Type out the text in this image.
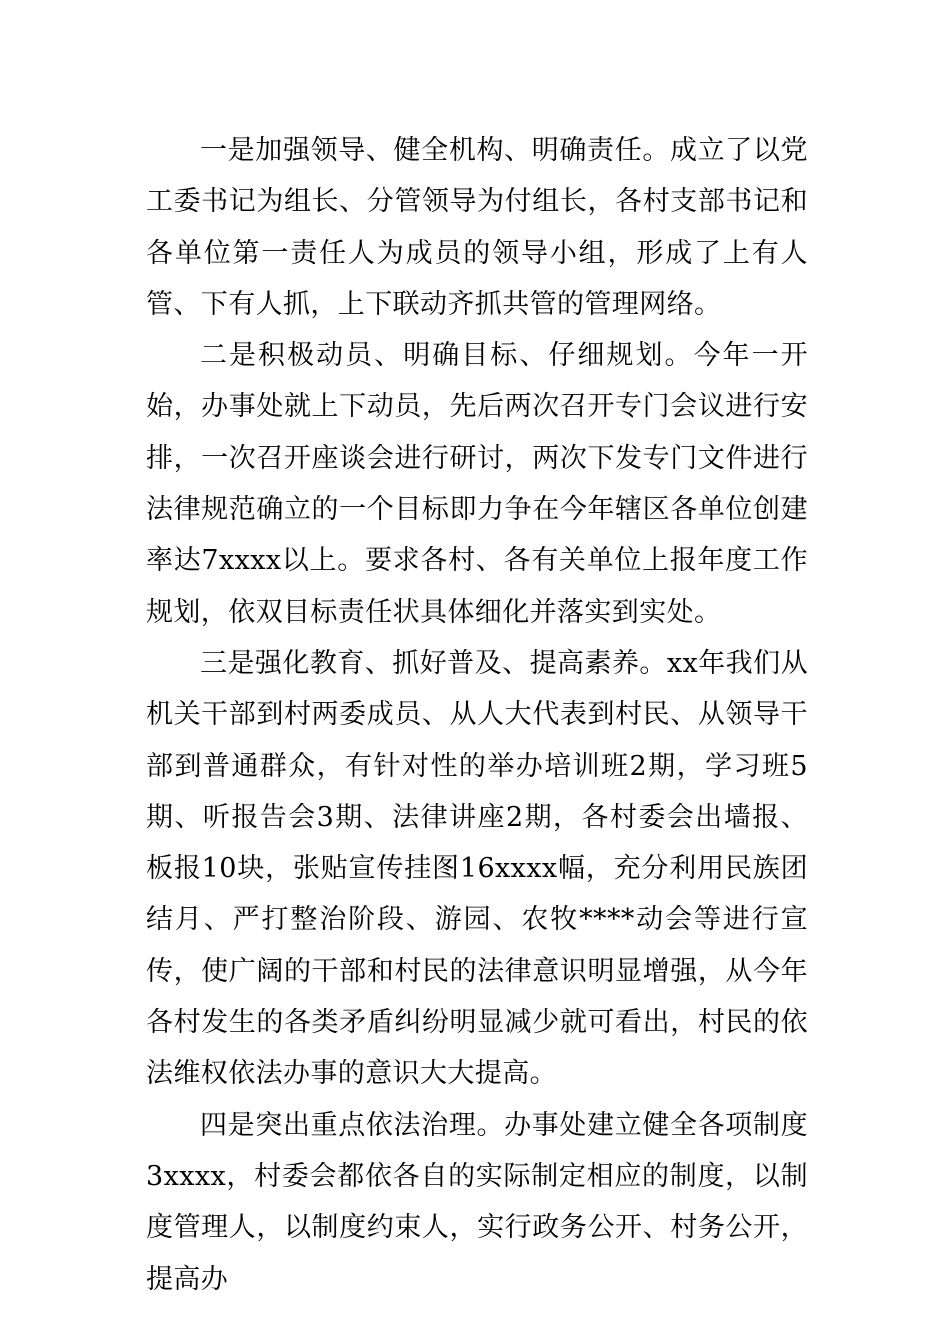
一是加强领导、健全机构、明确责任。成立了以党工委书记为组长、分管领导为付组长，各村支部书记和各单位第一责任人为成员的领导小组，形成了上有人管、下有人抓，上下联动齐抓共管的管理网络。

二是积极动员、明确目标、仔细规划。今年一开始，办事处就上下动员，先后两次召开专门会议进行安排，一次召开座谈会进行研讨，两次下发专门文件进行法律规范确立的一个目标即力争在今年辖区各单位创建率达7xxxx以上。要求各村、各有关单位上报年度工作规划，依双目标责任状具体细化并落实到实处。

三是强化教育、抓好普及、提高素养。xx年我们从机关干部到村两委成员、从人大代表到村民、从领导干部到普通群众，有针对性的举办培训班2期，学习班5期、听报告会3期、法律讲座2期，各村委会出墙报、板报10块，张贴宣传挂图16xxxx幅，充分利用民族团结月、严打整治阶段、游园、农牧****动会等进行宣传，使广阔的干部和村民的法律意识明显增强，从今年各村发生的各类矛盾纠纷明显减少就可看出，村民的依法维权依法办事的意识大大提高。

四是突出重点依法治理。办事处建立健全各项制度3xxxx，村委会都依各自的实际制定相应的制度，以制度管理人，以制度约束人，实行政务公开、村务公开，提高办
